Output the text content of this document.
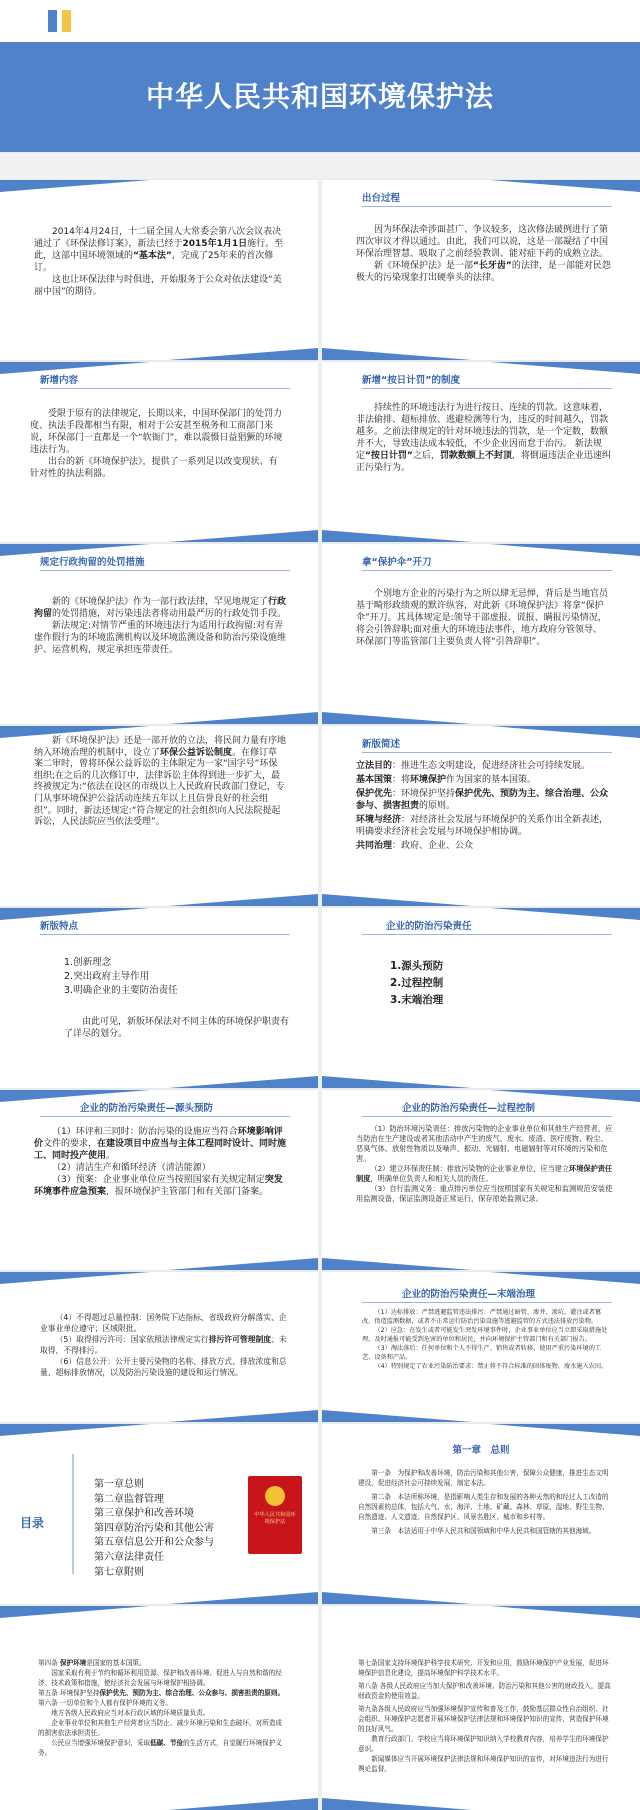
中华人民共和国环境保护法

2014年4月24日，十二届全国人大常委会第八次会议表决通过了《环保法修订案》，新法已经于2015年1月1日施行。至此，这部中国环境领域的“基本法”，完成了25年来的首次修订。

这也让环保法律与时俱进，开始服务于公众对依法建设“美丽中国”的期待。

出台过程

因为环保法牵涉面甚广、争议较多，这次修法破例进行了第四次审议才得以通过。由此，我们可以说，这是一部凝结了中国环保治理智慧、吸取了之前经验教训、能对症下药的成熟立法。

新《环境保护法》是一部“长牙齿”的法律，是一部能对民怨极大的污染现象打出硬拳头的法律。

新增内容

受限于原有的法律规定，长期以来，中国环保部门的处罚力度、执法手段都相当有限，相对于公安甚至税务和工商部门来说，环保部门一直都是一个“软衙门”，难以震慑日益猖獗的环境违法行为。

出台的新《环境保护法》，提供了一系列足以改变现状、有针对性的执法利器。

新增“按日计罚”的制度

持续性的环境违法行为进行按日、连续的罚款。这意味着，非法偷排、超标排放、逃避检测等行为，违反的时间越久，罚款越多。之前法律规定的针对环境违法的罚款，是一个定数，数额并不大，导致违法成本较低，不少企业因而怠于治污。 新法规定“按日计罚”之后，罚款数额上不封顶，将倒逼违法企业迅速纠正污染行为。

规定行政拘留的处罚措施

新的《环境保护法》作为一部行政法律，罕见地规定了行政拘留的处罚措施，对污染违法者将动用最严厉的行政处罚手段。

新法规定:对情节严重的环境违法行为适用行政拘留:对有弄虚作假行为的环境监测机构以及环境监测设备和防治污染设施维护、运营机构，规定承担连带责任。

拿“保护伞”开刀

个别地方企业的污染行为之所以肆无忌惮，背后是当地官员基于畸形政绩观的默许纵容，对此新《环境保护法》将拿“保护伞”开刀。其具体规定是:领导干部虚报、谎报、瞒报污染情况，将会引咎辞职;面对重大的环境违法事件，地方政府分管领导、环保部门等监管部门主要负责人将“引咎辞职”。

新《环境保护法》还是一部开放的立法，将民间力量有序地纳入环境治理的机制中，设立了环保公益诉讼制度。在修订草案二审时，曾将环保公益诉讼的主体限定为一家“国字号”环保组织;在之后的几次修订中，法律诉讼主体得到进一步扩大，最终被规定为:“依法在设区的市级以上人民政府民政部门登记，专门从事环境保护公益活动连续五年以上且信誉良好的社会组织”。同时，新法还规定:“符合规定的社会组织向人民法院提起诉讼，人民法院应当依法受理”。

新版简述

立法目的：推进生态文明建设，促进经济社会可持续发展。

基本国策：将环境保护作为国家的基本国策。

保护优先：环境保护坚持保护优先、预防为主、综合治理、公众参与、损害担责的原则。

环境与经济：对经济社会发展与环境保护的关系作出全新表述，明确要求经济社会发展与环境保护相协调。

共同治理：政府、企业、公众

新版特点
1.创新理念
2.突出政府主导作用
3.明确企业的主要防治责任

由此可见，新版环保法对不同主体的环境保护职责有了详尽的划分。

企业的防治污染责任
1.源头预防
2.过程控制
3.末端治理
企业的防治污染责任—源头预防

（1）环评和三同时：防治污染的设施应当符合环境影响评价文件的要求，在建设项目中应当与主体工程同时设计、同时施工、同时投产使用。

（2）清洁生产和循环经济（清洁能源）

（3）预案：企业事业单位应当按照国家有关规定制定突发环境事件应急预案，报环境保护主管部门和有关部门备案。

企业的防治污染责任—过程控制

（1）防治环境污染责任：排放污染物的企业事业单位和其他生产经营者，应当防治在生产建设或者其他活动中产生的废气、废水、废渣、医疗废物、粉尘、恶臭气体、放射性物质以及噪声、振动、光辐射、电磁辐射等对环境的污染和危害。

（2）建立环保责任制：排放污染物的企业事业单位，应当建立环境保护责任制度，明确单位负责人和相关人员的责任。

（3）自行监测义务：重点排污单位应当按照国家有关规定和监测规范安装使用监测设备，保证监测设备正常运行，保存原始监测记录。

（4）不得超过总量控制：国务院下达指标、省级政府分解落实、企业事业单位遵守；区域限批。

（5）取得排污许可：国家依照法律规定实行排污许可管理制度；未取得，不得排污。

（6）信息公开：公开主要污染物的名称、排放方式、排放浓度和总量、超标排放情况，以及防治污染设施的建设和运行情况。

企业的防治污染责任—末端治理

（1）达标排放：严禁逃避监管违法排污：严禁通过暗管、渗井、渗坑、灌注或者篡改、伪造监测数据，或者不正常运行防治污染设施等逃避监管的方式违法排放污染物。

（2）应急：在发生或者可能发生突发环境事件时，企业事业单位应当立即采取措施处理，及时通报可能受到危害的单位和居民，并向环境保护主管部门和有关部门报告。

（3）淘汰落后：任何单位和个人不得生产、销售或者转移、使用严重污染环境的工艺、设备和产品。

（4）特别规定了农业污染防治要求：禁止将不符合标准的固体废物、废水施入农田。

目录
第一章总则
第二章监督管理
第三章保护和改善环境
第四章防治污染和其他公害
第五章信息公开和公众参与
第六章法律责任
第七章附则
中华人民共和国环境保护法
第一章　总则

第一条　为保护和改善环境，防治污染和其他公害，保障公众健康，推进生态文明建设，促进经济社会可持续发展，制定本法。

第二条　本法所称环境，是指影响人类生存和发展的各种天然的和经过人工改造的自然因素的总体，包括大气、水、海洋、土地、矿藏、森林、草原、湿地、野生生物、自然遗迹、人文遗迹、自然保护区、风景名胜区、城市和乡村等。

第三条　本法适用于中华人民共和国领域和中华人民共和国管辖的其他海域。

第四条 保护环境是国家的基本国策。

国家采取有利于节约和循环利用资源、保护和改善环境、促进人与自然和谐的经济、技术政策和措施，使经济社会发展与环境保护相协调。

第五条 环境保护坚持保护优先、预防为主、综合治理、公众参与、损害担责的原则。

第六条 一切单位和个人都有保护环境的义务。

地方各级人民政府应当对本行政区域的环境质量负责。

企业事业单位和其他生产经营者应当防止、减少环境污染和生态破坏，对所造成的损害依法承担责任。

公民应当增强环境保护意识，采取低碳、节俭的生活方式，自觉履行环境保护义务。

第七条国家支持环境保护科学技术研究、开发和应用，鼓励环境保护产业发展，促进环境保护信息化建设，提高环境保护科学技术水平。

第八条 各级人民政府应当加大保护和改善环境、防治污染和其他公害的财政投入，提高财政资金的使用效益。

第九条各级人民政府应当加强环境保护宣传和普及工作，鼓励基层群众性自治组织、社会组织、环境保护志愿者开展环境保护法律法规和环境保护知识的宣传，营造保护环境的良好风气。

教育行政部门、学校应当将环境保护知识纳入学校教育内容，培养学生的环境保护意识。

新闻媒体应当开展环境保护法律法规和环境保护知识的宣传，对环境违法行为进行舆论监督。
